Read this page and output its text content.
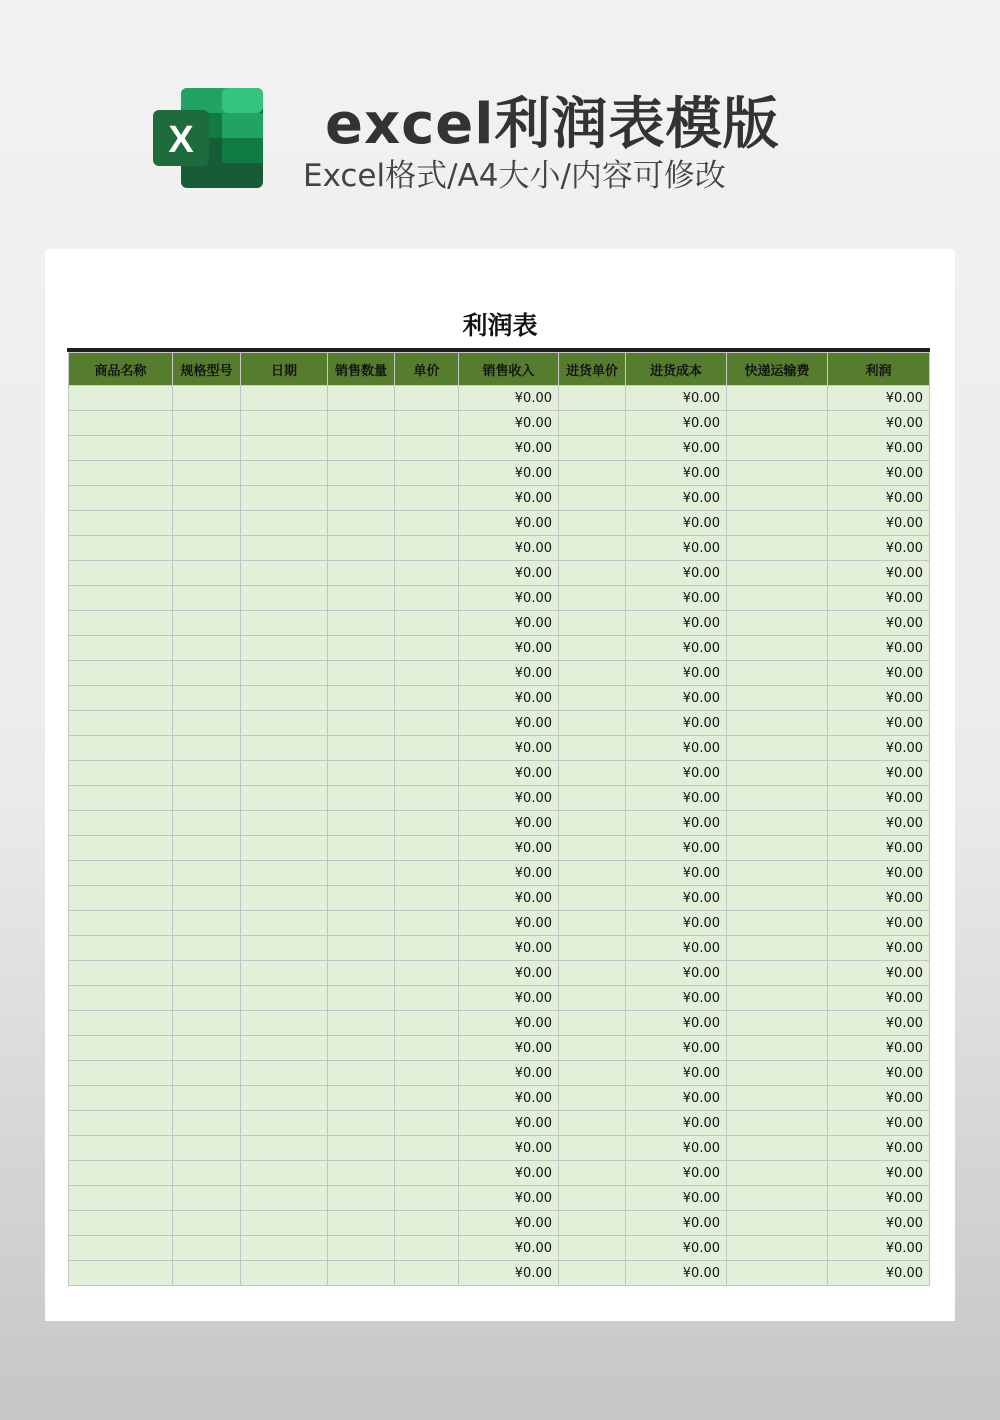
X excel利润表模版
Excel格式/A4大小/内容可修改
利润表
商品名称	规格型号	日期	销售数量	单价	销售收入	进货单价	进货成本	快递运输费	利润
					¥0.00		¥0.00		¥0.00
					¥0.00		¥0.00		¥0.00
					¥0.00		¥0.00		¥0.00
					¥0.00		¥0.00		¥0.00
					¥0.00		¥0.00		¥0.00
					¥0.00		¥0.00		¥0.00
					¥0.00		¥0.00		¥0.00
					¥0.00		¥0.00		¥0.00
					¥0.00		¥0.00		¥0.00
					¥0.00		¥0.00		¥0.00
					¥0.00		¥0.00		¥0.00
					¥0.00		¥0.00		¥0.00
					¥0.00		¥0.00		¥0.00
					¥0.00		¥0.00		¥0.00
					¥0.00		¥0.00		¥0.00
					¥0.00		¥0.00		¥0.00
					¥0.00		¥0.00		¥0.00
					¥0.00		¥0.00		¥0.00
					¥0.00		¥0.00		¥0.00
					¥0.00		¥0.00		¥0.00
					¥0.00		¥0.00		¥0.00
					¥0.00		¥0.00		¥0.00
					¥0.00		¥0.00		¥0.00
					¥0.00		¥0.00		¥0.00
					¥0.00		¥0.00		¥0.00
					¥0.00		¥0.00		¥0.00
					¥0.00		¥0.00		¥0.00
					¥0.00		¥0.00		¥0.00
					¥0.00		¥0.00		¥0.00
					¥0.00		¥0.00		¥0.00
					¥0.00		¥0.00		¥0.00
					¥0.00		¥0.00		¥0.00
					¥0.00		¥0.00		¥0.00
					¥0.00		¥0.00		¥0.00
					¥0.00		¥0.00		¥0.00
					¥0.00		¥0.00		¥0.00
